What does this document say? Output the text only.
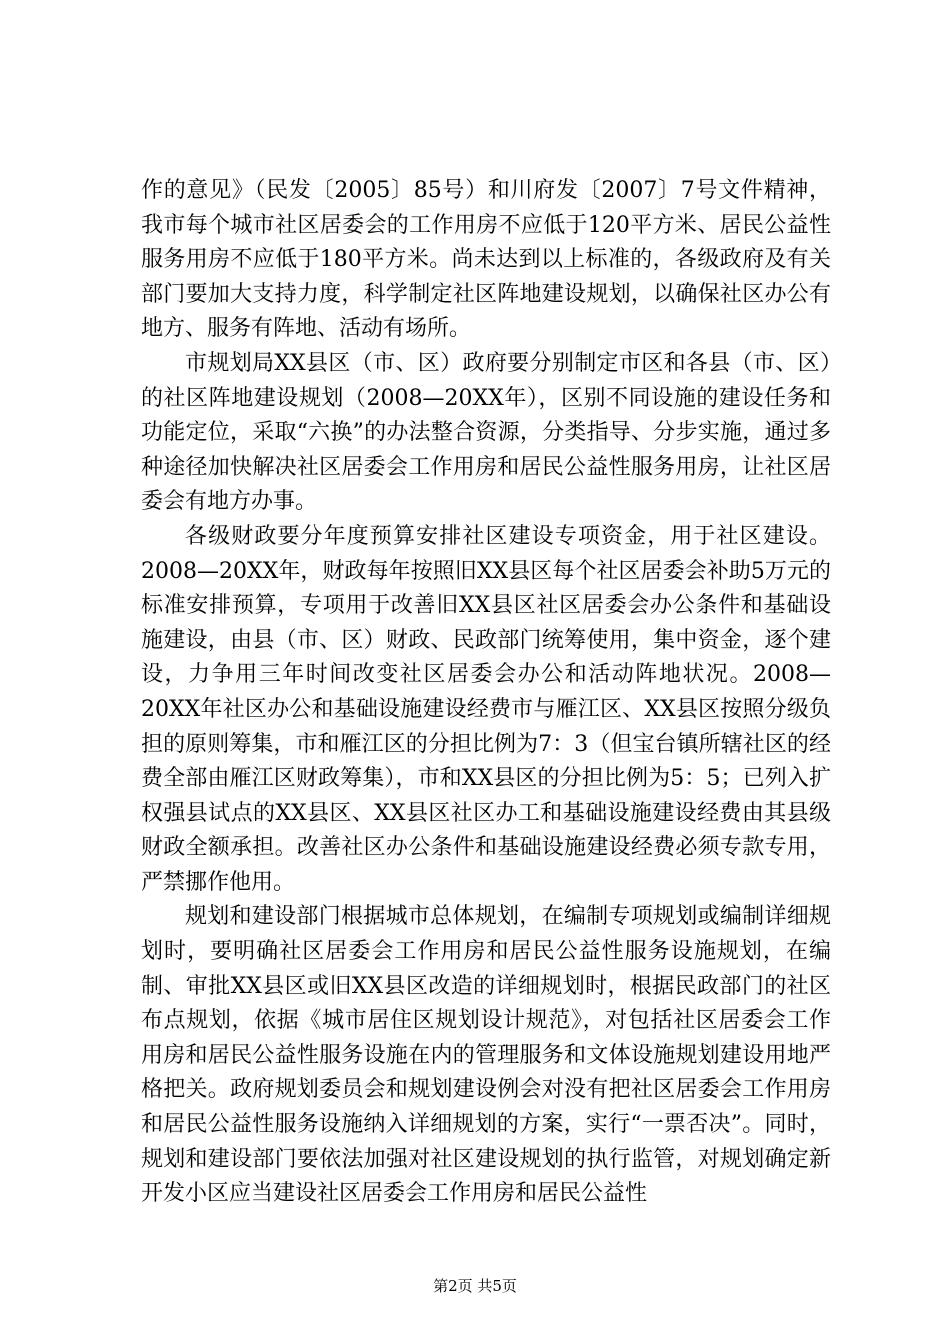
作的意见》（民发〔2005〕85号）和川府发〔2007〕7号文件精神，我市每个城市社区居委会的工作用房不应低于120平方米、居民公益性服务用房不应低于180平方米。尚未达到以上标准的，各级政府及有关部门要加大支持力度，科学制定社区阵地建设规划，以确保社区办公有地方、服务有阵地、活动有场所。

市规划局XX县区（市、区）政府要分别制定市区和各县（市、区）的社区阵地建设规划（2008—20XX年），区别不同设施的建设任务和功能定位，采取“六换”的办法整合资源，分类指导、分步实施，通过多种途径加快解决社区居委会工作用房和居民公益性服务用房，让社区居委会有地方办事。

各级财政要分年度预算安排社区建设专项资金，用于社区建设。2008—20XX年，财政每年按照旧XX县区每个社区居委会补助5万元的标准安排预算，专项用于改善旧XX县区社区居委会办公条件和基础设施建设，由县（市、区）财政、民政部门统筹使用，集中资金，逐个建设，力争用三年时间改变社区居委会办公和活动阵地状况。2008—20XX年社区办公和基础设施建设经费市与雁江区、XX县区按照分级负担的原则筹集，市和雁江区的分担比例为7：3（但宝台镇所辖社区的经费全部由雁江区财政筹集），市和XX县区的分担比例为5：5；已列入扩权强县试点的XX县区、XX县区社区办工和基础设施建设经费由其县级财政全额承担。改善社区办公条件和基础设施建设经费必须专款专用，严禁挪作他用。

规划和建设部门根据城市总体规划，在编制专项规划或编制详细规划时，要明确社区居委会工作用房和居民公益性服务设施规划，在编制、审批XX县区或旧XX县区改造的详细规划时，根据民政部门的社区布点规划，依据《城市居住区规划设计规范》，对包括社区居委会工作用房和居民公益性服务设施在内的管理服务和文体设施规划建设用地严格把关。政府规划委员会和规划建设例会对没有把社区居委会工作用房和居民公益性服务设施纳入详细规划的方案，实行“一票否决”。同时，规划和建设部门要依法加强对社区建设规划的执行监管，对规划确定新开发小区应当建设社区居委会工作用房和居民公益性

第2页 共5页
